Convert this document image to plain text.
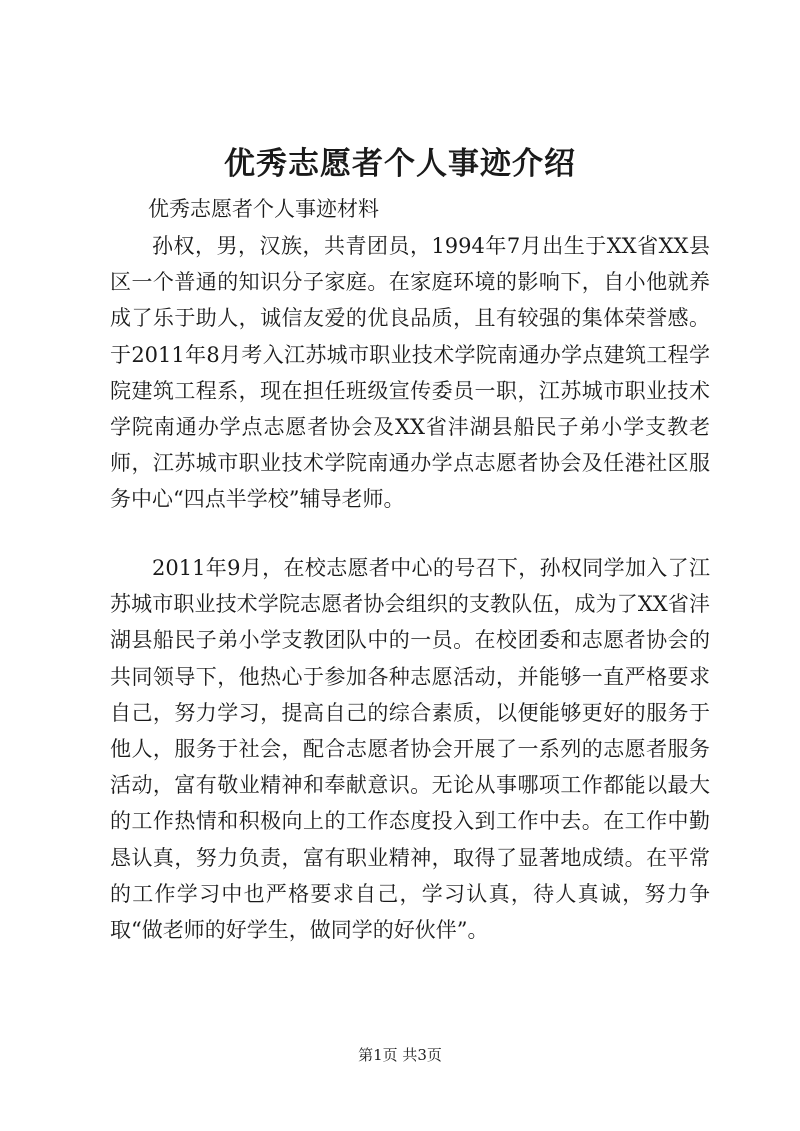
优秀志愿者个人事迹介绍

优秀志愿者个人事迹材料

孙权，男，汉族，共青团员，1994年7月出生于XX省XX县区一个普通的知识分子家庭。在家庭环境的影响下，自小他就养成了乐于助人，诚信友爱的优良品质，且有较强的集体荣誉感。于2011年8月考入江苏城市职业技术学院南通办学点建筑工程学院建筑工程系，现在担任班级宣传委员一职，江苏城市职业技术学院南通办学点志愿者协会及XX省沣湖县船民子弟小学支教老师，江苏城市职业技术学院南通办学点志愿者协会及任港社区服务中心“四点半学校”辅导老师。

2011年9月，在校志愿者中心的号召下，孙权同学加入了江苏城市职业技术学院志愿者协会组织的支教队伍，成为了XX省沣湖县船民子弟小学支教团队中的一员。在校团委和志愿者协会的共同领导下，他热心于参加各种志愿活动，并能够一直严格要求自己，努力学习，提高自己的综合素质，以便能够更好的服务于他人，服务于社会，配合志愿者协会开展了一系列的志愿者服务活动，富有敬业精神和奉献意识。无论从事哪项工作都能以最大的工作热情和积极向上的工作态度投入到工作中去。在工作中勤恳认真，努力负责，富有职业精神，取得了显著地成绩。在平常的工作学习中也严格要求自己，学习认真，待人真诚，努力争取“做老师的好学生，做同学的好伙伴”。

第1页 共3页
